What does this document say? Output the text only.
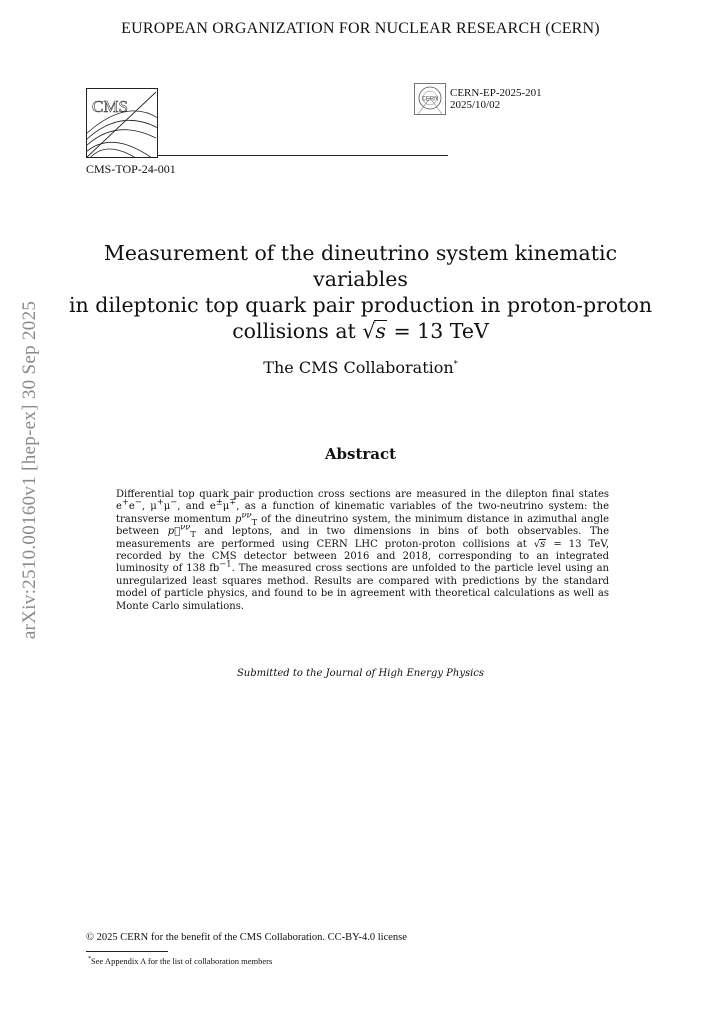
EUROPEAN ORGANIZATION FOR NUCLEAR RESEARCH (CERN)
CMS
CMS-TOP-24-001
CERN
CERN-EP-2025-201
2025/10/02
Measurement of the dineutrino system kinematic variables
in dileptonic top quark pair production in proton-proton
collisions at √s = 13 TeV
The CMS Collaboration*
Abstract
Differential top quark pair production cross sections are measured in the dilepton final states e+e−, μ+μ−, and e±μ∓, as a function of kinematic variables of the two-neutrino system: the transverse momentum $p^{\nu\nu}_T$ of the dineutrino system, the minimum distance in azimuthal angle between p⃗$^{\nu\nu}_T$ and leptons, and in two dimensions in bins of both observables. The measurements are performed using CERN LHC proton-proton collisions at √s = 13 TeV, recorded by the CMS detector between 2016 and 2018, corresponding to an integrated luminosity of 138 $fb^{-1}$. The measured cross sections are unfolded to the particle level using an unregularized least squares method. Results are compared with predictions by the standard model of particle physics, and found to be in agreement with theoretical calculations as well as Monte Carlo simulations.
Submitted to the Journal of High Energy Physics
arXiv:2510.00160v1 [hep-ex] 30 Sep 2025
© 2025 CERN for the benefit of the CMS Collaboration. CC-BY-4.0 license
*See Appendix A for the list of collaboration members
